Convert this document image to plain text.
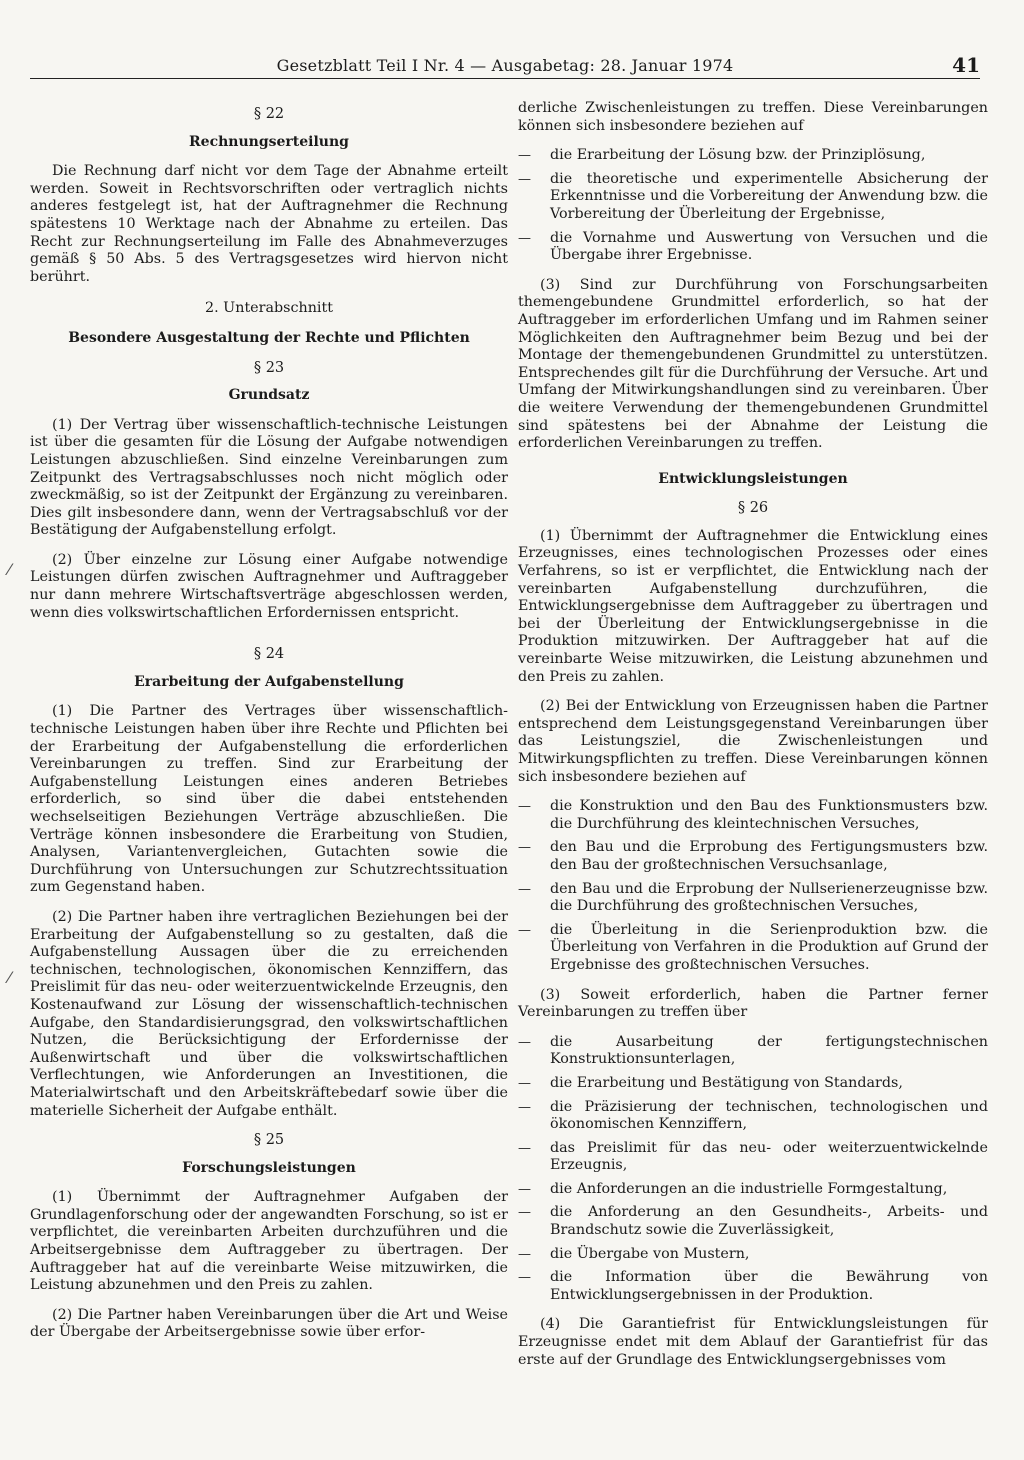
Gesetzblatt Teil I Nr. 4 — Ausgabetag: 28. Januar 1974	41
⁄
⁄
§ 22
Rechnungserteilung

Die Rechnung darf nicht vor dem Tage der Abnahme erteilt werden. Soweit in Rechtsvorschriften oder vertraglich nichts anderes festgelegt ist, hat der Auftragnehmer die Rechnung spätestens 10 Werktage nach der Abnahme zu erteilen. Das Recht zur Rechnungserteilung im Falle des Abnahmeverzuges gemäß § 50 Abs. 5 des Vertragsgesetzes wird hiervon nicht berührt.

2. Unterabschnitt
Besondere Ausgestaltung der Rechte und Pflichten
§ 23
Grundsatz

(1) Der Vertrag über wissenschaftlich-technische Leistungen ist über die gesamten für die Lösung der Aufgabe notwendigen Leistungen abzuschließen. Sind einzelne Vereinbarungen zum Zeitpunkt des Vertragsabschlusses noch nicht möglich oder zweckmäßig, so ist der Zeitpunkt der Ergänzung zu vereinbaren. Dies gilt insbesondere dann, wenn der Vertragsabschluß vor der Bestätigung der Aufgabenstellung erfolgt.

(2) Über einzelne zur Lösung einer Aufgabe notwendige Leistungen dürfen zwischen Auftragnehmer und Auftraggeber nur dann mehrere Wirtschaftsverträge abgeschlossen werden, wenn dies volkswirtschaftlichen Erfordernissen entspricht.

§ 24
Erarbeitung der Aufgabenstellung

(1) Die Partner des Vertrages über wissenschaftlich-technische Leistungen haben über ihre Rechte und Pflichten bei der Erarbeitung der Aufgabenstellung die erforderlichen Vereinbarungen zu treffen. Sind zur Erarbeitung der Aufgabenstellung Leistungen eines anderen Betriebes erforderlich, so sind über die dabei entstehenden wechselseitigen Beziehungen Verträge abzuschließen. Die Verträge können insbesondere die Erarbeitung von Studien, Analysen, Variantenvergleichen, Gutachten sowie die Durchführung von Untersuchungen zur Schutzrechtssituation zum Gegenstand haben.

(2) Die Partner haben ihre vertraglichen Beziehungen bei der Erarbeitung der Aufgabenstellung so zu gestalten, daß die Aufgabenstellung Aussagen über die zu erreichenden technischen, technologischen, ökonomischen Kennziffern, das Preislimit für das neu- oder weiterzuentwickelnde Erzeugnis, den Kostenaufwand zur Lösung der wissenschaftlich-technischen Aufgabe, den Standardisierungsgrad, den volkswirtschaftlichen Nutzen, die Berücksichtigung der Erfordernisse der Außenwirtschaft und über die volkswirtschaftlichen Verflechtungen, wie Anforderungen an Investitionen, die Materialwirtschaft und den Arbeitskräftebedarf sowie über die materielle Sicherheit der Aufgabe enthält.

§ 25
Forschungsleistungen

(1) Übernimmt der Auftragnehmer Aufgaben der Grundlagenforschung oder der angewandten Forschung, so ist er verpflichtet, die vereinbarten Arbeiten durchzuführen und die Arbeitsergebnisse dem Auftraggeber zu übertragen. Der Auftraggeber hat auf die vereinbarte Weise mitzuwirken, die Leistung abzunehmen und den Preis zu zahlen.

(2) Die Partner haben Vereinbarungen über die Art und Weise der Übergabe der Arbeitsergebnisse sowie über erfor-

derliche Zwischenleistungen zu treffen. Diese Vereinbarungen können sich insbesondere beziehen auf

— die Erarbeitung der Lösung bzw. der Prinziplösung,
— die theoretische und experimentelle Absicherung der Erkenntnisse und die Vorbereitung der Anwendung bzw. die Vorbereitung der Überleitung der Ergebnisse,
— die Vornahme und Auswertung von Versuchen und die Übergabe ihrer Ergebnisse.

(3) Sind zur Durchführung von Forschungsarbeiten themengebundene Grundmittel erforderlich, so hat der Auftraggeber im erforderlichen Umfang und im Rahmen seiner Möglichkeiten den Auftragnehmer beim Bezug und bei der Montage der themengebundenen Grundmittel zu unterstützen. Entsprechendes gilt für die Durchführung der Versuche. Art und Umfang der Mitwirkungshandlungen sind zu vereinbaren. Über die weitere Verwendung der themengebundenen Grundmittel sind spätestens bei der Abnahme der Leistung die erforderlichen Vereinbarungen zu treffen.

Entwicklungsleistungen
§ 26

(1) Übernimmt der Auftragnehmer die Entwicklung eines Erzeugnisses, eines technologischen Prozesses oder eines Verfahrens, so ist er verpflichtet, die Entwicklung nach der vereinbarten Aufgabenstellung durchzuführen, die Entwicklungsergebnisse dem Auftraggeber zu übertragen und bei der Überleitung der Entwicklungsergebnisse in die Produktion mitzuwirken. Der Auftraggeber hat auf die vereinbarte Weise mitzuwirken, die Leistung abzunehmen und den Preis zu zahlen.

(2) Bei der Entwicklung von Erzeugnissen haben die Partner entsprechend dem Leistungsgegenstand Vereinbarungen über das Leistungsziel, die Zwischenleistungen und Mitwirkungspflichten zu treffen. Diese Vereinbarungen können sich insbesondere beziehen auf

— die Konstruktion und den Bau des Funktionsmusters bzw. die Durchführung des kleintechnischen Versuches,
— den Bau und die Erprobung des Fertigungsmusters bzw. den Bau der großtechnischen Versuchsanlage,
— den Bau und die Erprobung der Nullserienerzeugnisse bzw. die Durchführung des großtechnischen Versuches,
— die Überleitung in die Serienproduktion bzw. die Überleitung von Verfahren in die Produktion auf Grund der Ergebnisse des großtechnischen Versuches.

(3) Soweit erforderlich, haben die Partner ferner Vereinbarungen zu treffen über

— die Ausarbeitung der fertigungstechnischen Konstruktionsunterlagen,
— die Erarbeitung und Bestätigung von Standards,
— die Präzisierung der technischen, technologischen und ökonomischen Kennziffern,
— das Preislimit für das neu- oder weiterzuentwickelnde Erzeugnis,
— die Anforderungen an die industrielle Formgestaltung,
— die Anforderung an den Gesundheits-, Arbeits- und Brandschutz sowie die Zuverlässigkeit,
— die Übergabe von Mustern,
— die Information über die Bewährung von Entwicklungsergebnissen in der Produktion.

(4) Die Garantiefrist für Entwicklungsleistungen für Erzeugnisse endet mit dem Ablauf der Garantiefrist für das erste auf der Grundlage des Entwicklungsergebnisses vom
